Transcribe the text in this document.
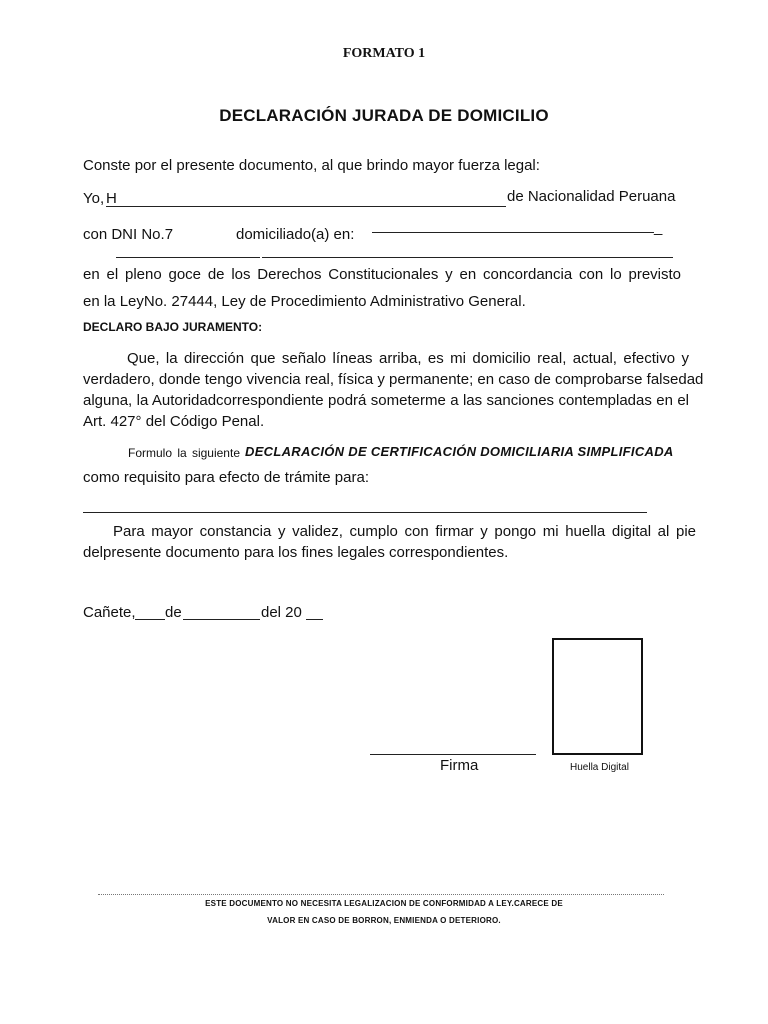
FORMATO 1
DECLARACIÓN JURADA DE DOMICILIO
Conste por el presente documento, al que brindo mayor fuerza legal:
Yo, H	de Nacionalidad Peruana
con DNI No.7	domiciliado(a) en:	_
en el pleno goce de los Derechos Constitucionales y en concordancia con lo previsto
en la LeyNo. 27444, Ley de Procedimiento Administrativo General.
DECLARO BAJO JURAMENTO:
Que, la dirección que señalo líneas arriba, es mi domicilio real, actual, efectivo y
verdadero, donde tengo vivencia real, física y permanente; en caso de comprobarse falsedad
alguna, la Autoridadcorrespondiente podrá someterme a las sanciones contempladas en el
Art. 427° del Código Penal.
Formulo la siguiente DECLARACIÓN DE CERTIFICACIÓN DOMICILIARIA SIMPLIFICADA
como requisito para efecto de trámite para:
Para mayor constancia y validez, cumplo con firmar y pongo mi huella digital al pie
delpresente documento para los fines legales correspondientes.
Cañete, de	del 20
Firma	Huella Digital
ESTE DOCUMENTO NO NECESITA LEGALIZACION DE CONFORMIDAD A LEY.CARECE DE
VALOR EN CASO DE BORRON, ENMIENDA O DETERIORO.
